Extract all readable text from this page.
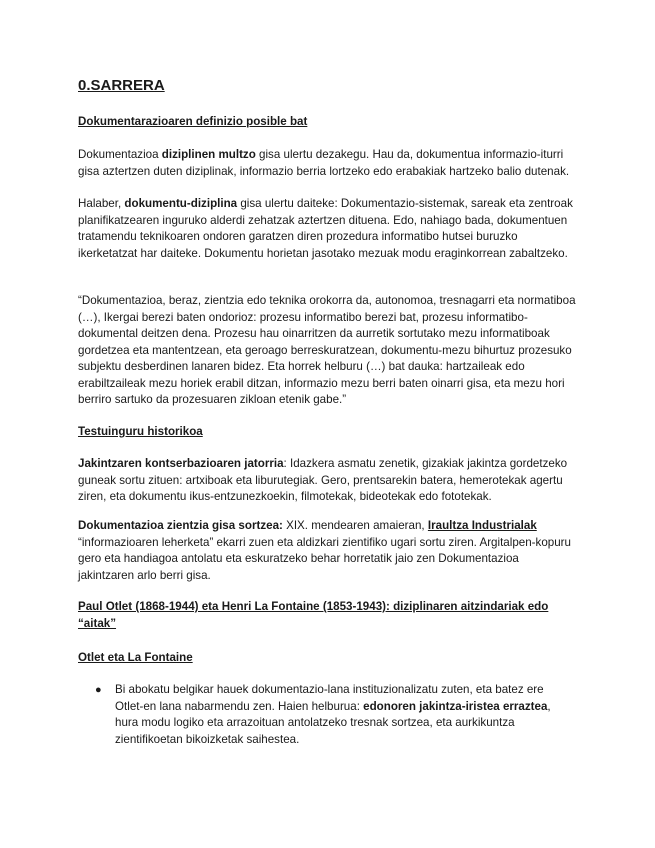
0.SARRERA
Dokumentarazioaren definizio posible bat

Dokumentazioa diziplinen multzo gisa ulertu dezakegu. Hau da, dokumentua informazio-iturri gisa aztertzen duten diziplinak, informazio berria lortzeko edo erabakiak hartzeko balio dutenak.

Halaber, dokumentu-diziplina gisa ulertu daiteke: Dokumentazio-sistemak, sareak eta zentroak planifikatzearen inguruko alderdi zehatzak aztertzen dituena. Edo, nahiago bada, dokumentuen tratamendu teknikoaren ondoren garatzen diren prozedura informatibo hutsei buruzko ikerketatzat har daiteke. Dokumentu horietan jasotako mezuak modu eraginkorrean zabaltzeko.

“Dokumentazioa, beraz, zientzia edo teknika orokorra da, autonomoa, tresnagarri eta normatiboa (…), Ikergai berezi baten ondorioz: prozesu informatibo berezi bat, prozesu informatibo-dokumental deitzen dena. Prozesu hau oinarritzen da aurretik sortutako mezu informatiboak gordetzea eta mantentzean, eta geroago berreskuratzean, dokumentu-mezu bihurtuz prozesuko subjektu desberdinen lanaren bidez. Eta horrek helburu (…) bat dauka: hartzaileak edo erabiltzaileak mezu horiek erabil ditzan, informazio mezu berri baten oinarri gisa, eta mezu hori berriro sartuko da prozesuaren zikloan etenik gabe.”

Testuinguru historikoa

Jakintzaren kontserbazioaren jatorria: Idazkera asmatu zenetik, gizakiak jakintza gordetzeko guneak sortu zituen: artxiboak eta liburutegiak. Gero, prentsarekin batera, hemerotekak agertu ziren, eta dokumentu ikus-entzunezkoekin, filmotekak, bideotekak edo fototekak.

Dokumentazioa zientzia gisa sortzea: XIX. mendearen amaieran, Iraultza Industrialak “informazioaren leherketa” ekarri zuen eta aldizkari zientifiko ugari sortu ziren. Argitalpen-kopuru gero eta handiagoa antolatu eta eskuratzeko behar horretatik jaio zen Dokumentazioa jakintzaren arlo berri gisa.

Paul Otlet (1868-1944) eta Henri La Fontaine (1853-1943): diziplinaren aitzindariak edo “aitak”
Otlet eta La Fontaine
● Bi abokatu belgikar hauek dokumentazio-lana instituzionalizatu zuten, eta batez ere Otlet-en lana nabarmendu zen. Haien helburua: edonoren jakintza-iristea erraztea, hura modu logiko eta arrazoituan antolatzeko tresnak sortzea, eta aurkikuntza zientifikoetan bikoizketak saihestea.
